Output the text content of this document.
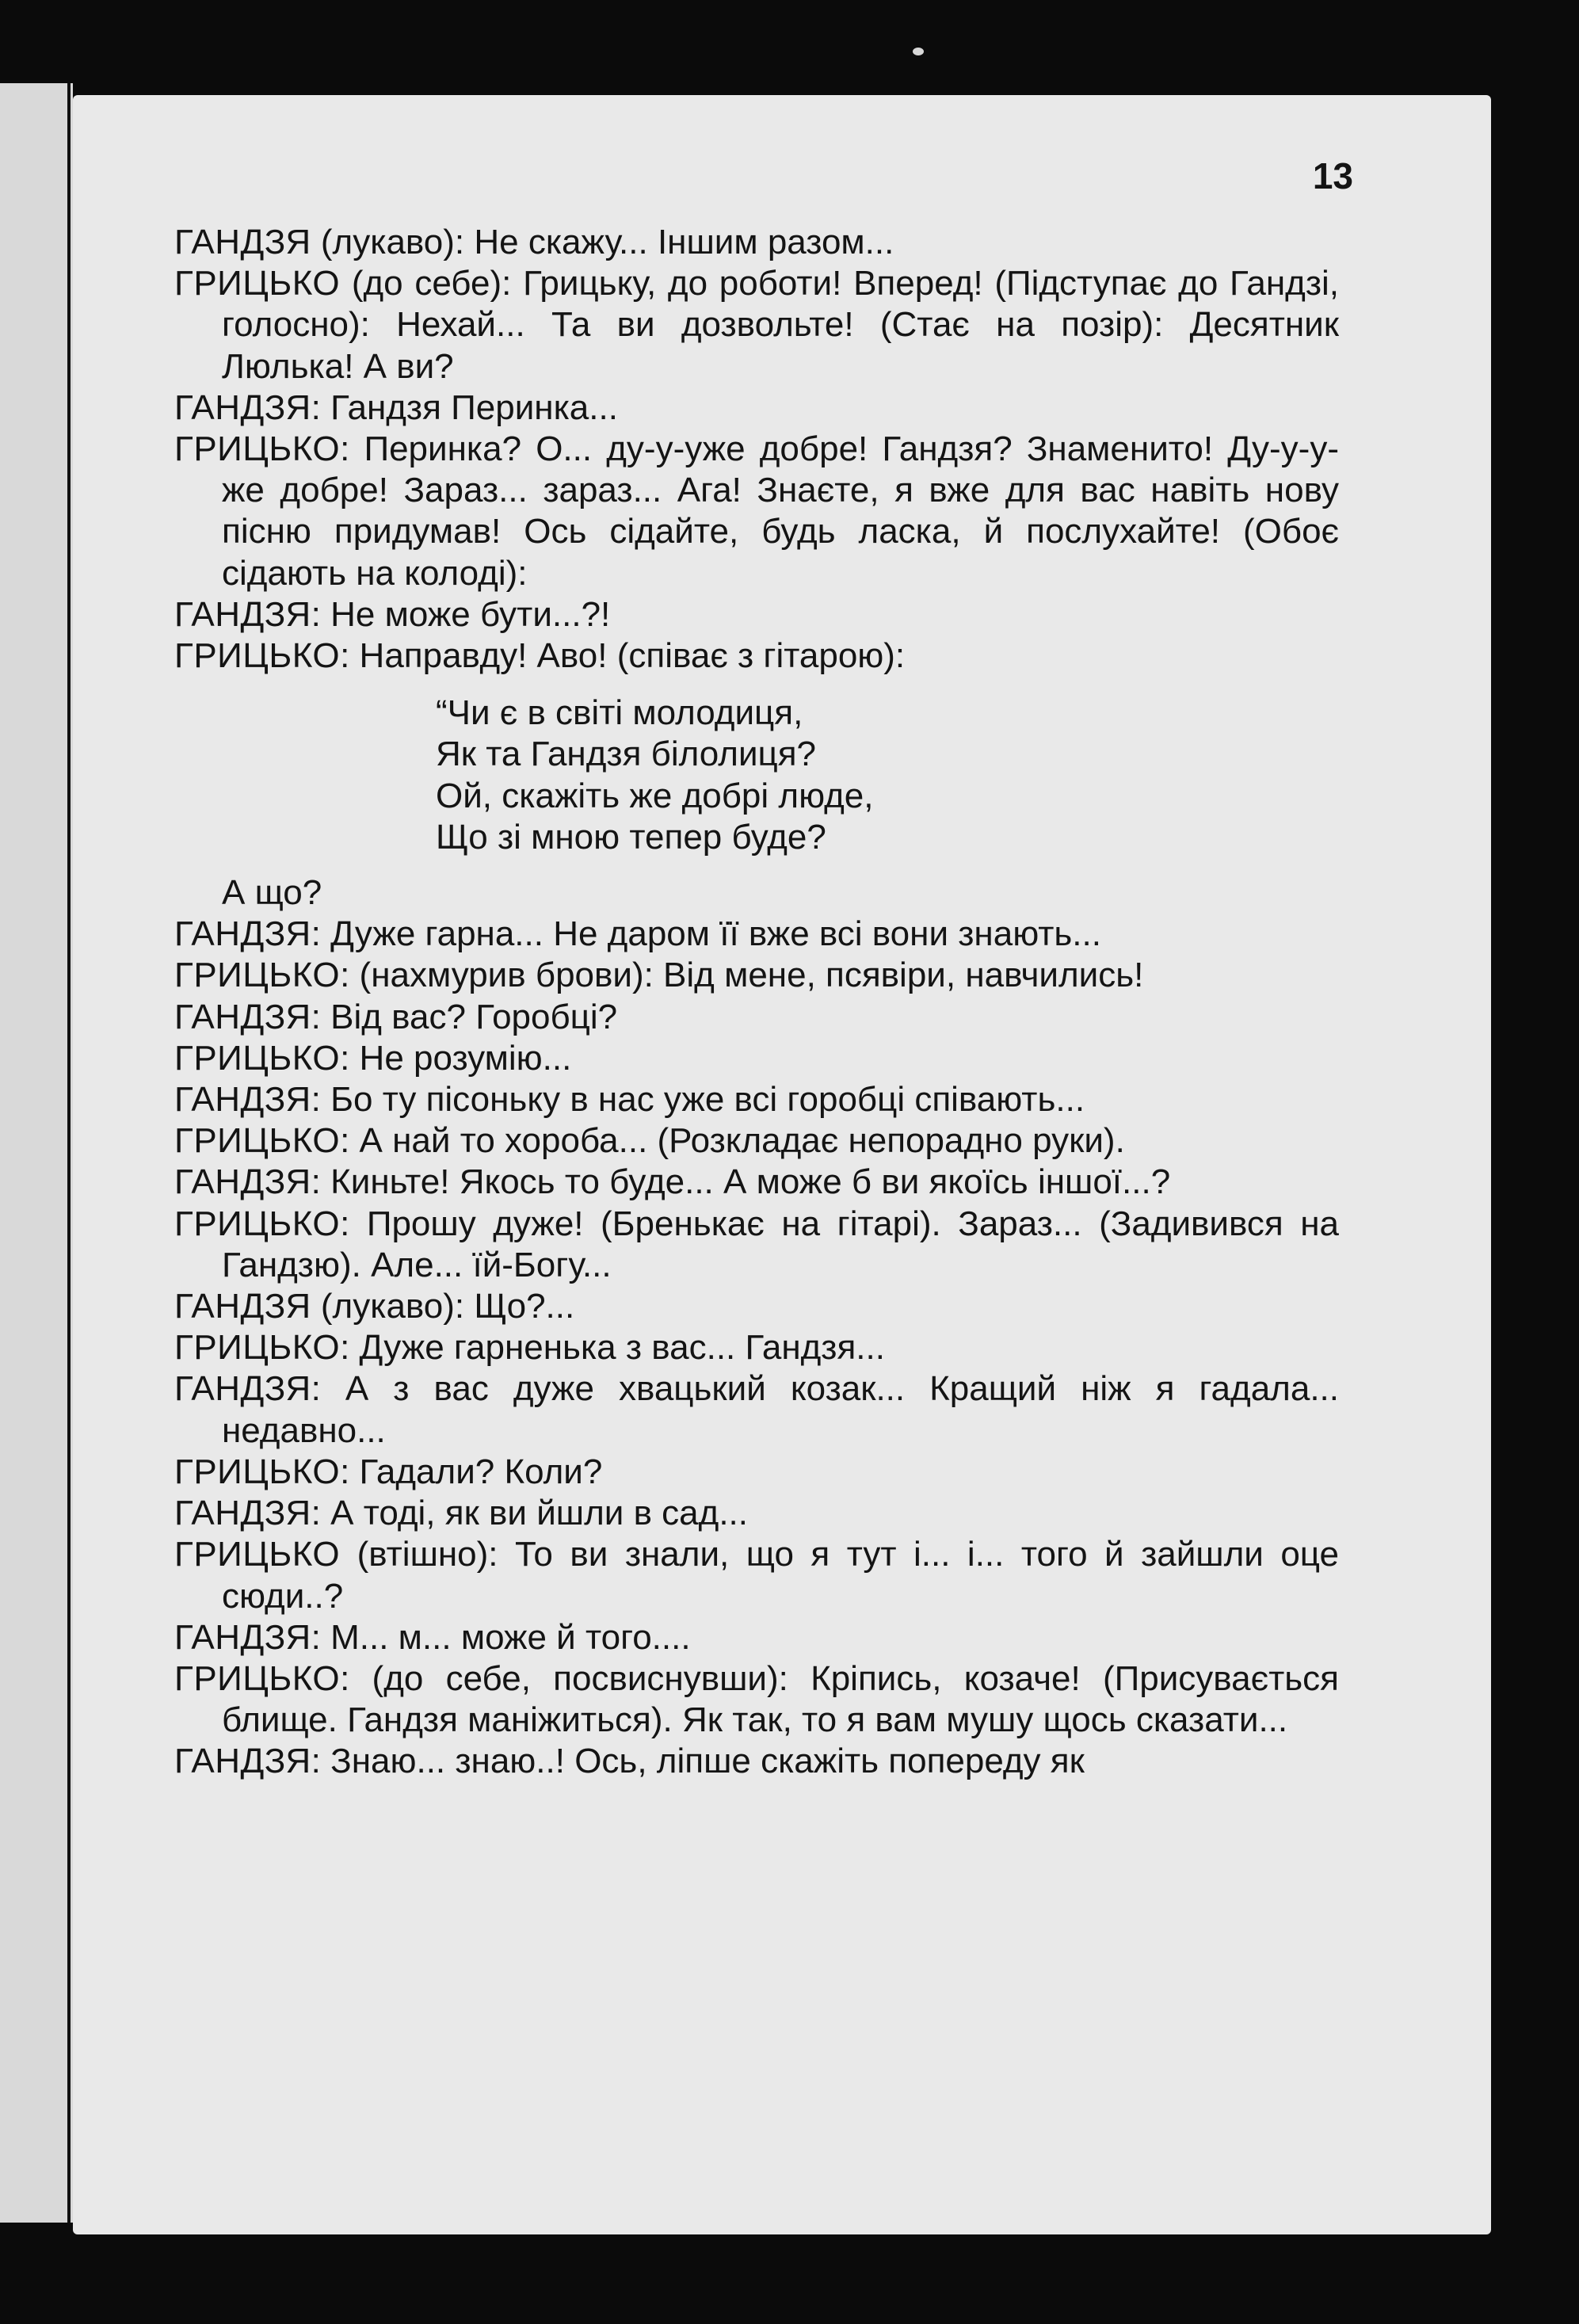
13
ГАНДЗЯ (лукаво): Не скажу... Іншим разом...
ГРИЦЬКО (до себе): Грицьку, до роботи! Вперед! (Підступає до Гандзі, голосно): Нехай... Та ви дозвольте! (Стає на позір): Десятник Люлька! А ви?
ГАНДЗЯ: Гандзя Перинка...
ГРИЦЬКО: Перинка? О... ду-у-уже добре! Гандзя? Знаменито! Ду-у-у-же добре! Зараз... зараз... Ага! Знаєте, я вже для вас навіть нову пісню придумав! Ось сідайте, будь ласка, й послухайте! (Обоє сідають на колоді):
ГАНДЗЯ: Не може бути...?!
ГРИЦЬКО: Направду! Аво! (співає з гітарою):
“Чи є в світі молодиця,
Як та Гандзя білолиця?
Ой, скажіть же добрі люде,
Що зі мною тепер буде?
А що?
ГАНДЗЯ: Дуже гарна... Не даром її вже всі вони знають...
ГРИЦЬКО: (нахмурив брови): Від мене, псявіри, навчились!
ГАНДЗЯ: Від вас? Горобці?
ГРИЦЬКО: Не розумію...
ГАНДЗЯ: Бо ту пісоньку в нас уже всі горобці співають...
ГРИЦЬКО: А най то хороба... (Розкладає непорадно руки).
ГАНДЗЯ: Киньте! Якось то буде... А може б ви якоїсь іншої...?
ГРИЦЬКО: Прошу дуже! (Бренькає на гітарі). Зараз... (Задивився на Гандзю). Але... їй-Богу...
ГАНДЗЯ (лукаво): Що?...
ГРИЦЬКО: Дуже гарненька з вас... Гандзя...
ГАНДЗЯ: А з вас дуже хвацький козак... Кращий ніж я гадала... недавно...
ГРИЦЬКО: Гадали? Коли?
ГАНДЗЯ: А тоді, як ви йшли в сад...
ГРИЦЬКО (втішно): То ви знали, що я тут і... і... того й зайшли оце сюди..?
ГАНДЗЯ: М... м... може й того....
ГРИЦЬКО: (до себе, посвиснувши): Кріпись, козаче! (Присувається блище. Гандзя маніжиться). Як так, то я вам мушу щось сказати...
ГАНДЗЯ: Знаю... знаю..! Ось, ліпше скажіть попереду як
